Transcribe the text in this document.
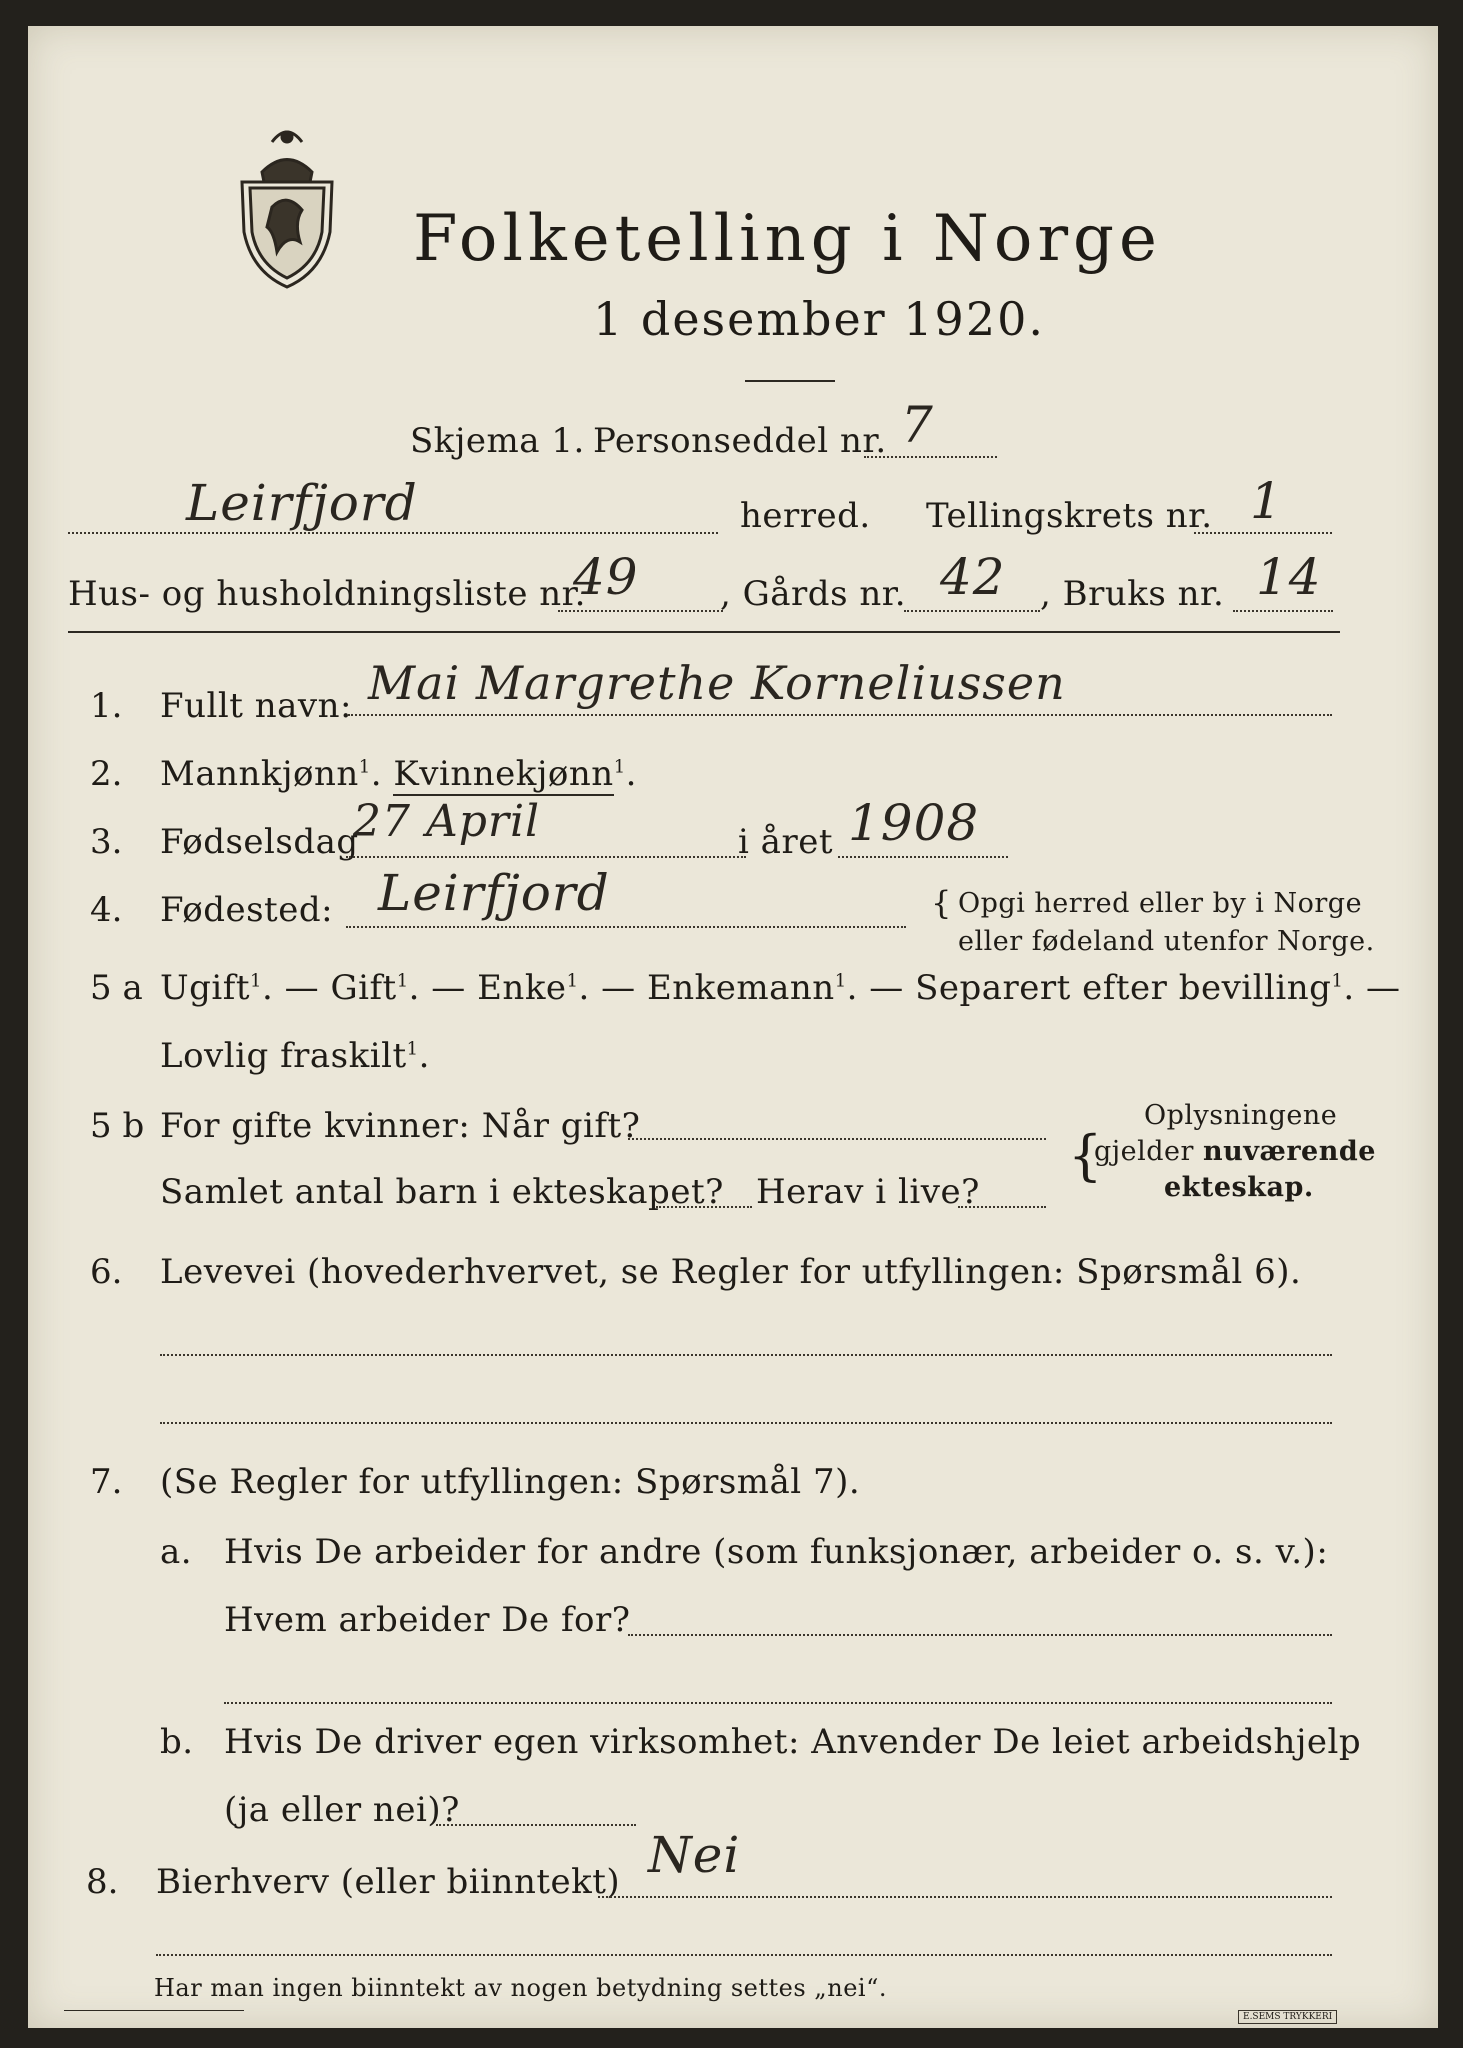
Folketelling i Norge
1 desember 1920.
Skjema 1. Personseddel nr. 7
Leirfjord	herred. Tellingskrets nr. 1
Hus- og husholdningsliste nr.
49 , Gårds nr. 42 , Bruks nr. 14
1. Fullt navn: Mai Margrethe Korneliussen
2. Mannkjønn$^1$. Kvinnekjønn$^1$.
3. Fødselsdag
27 April	i året 1908
4. Fødested: Leirfjord	{ Opgi herred eller by i Norge
eller fødeland utenfor Norge.
5 a Ugift$^1$. — Gift$^1$. — Enke$^1$. — Enkemann$^1$. — Separert efter bevilling$^1$. —
Lovlig fraskilt$^1$.
5 b For gifte kvinner: Når gift?
Samlet antal barn i ekteskapet? Herav i live?
{
Oplysningene
gjelder nuværende
ekteskap.
6. Levevei (hovederhvervet, se Regler for utfyllingen: Spørsmål 6).
7. (Se Regler for utfyllingen: Spørsmål 7).
a. Hvis De arbeider for andre (som funksjonær, arbeider o. s. v.):
Hvem arbeider De for?
b. Hvis De driver egen virksomhet: Anvender De leiet arbeidshjelp
(ja eller nei)?
8. Bierhverv (eller biinntekt) Nei
Har man ingen biinntekt av nogen betydning settes „nei“.
E.SEMS TRYKKERI
